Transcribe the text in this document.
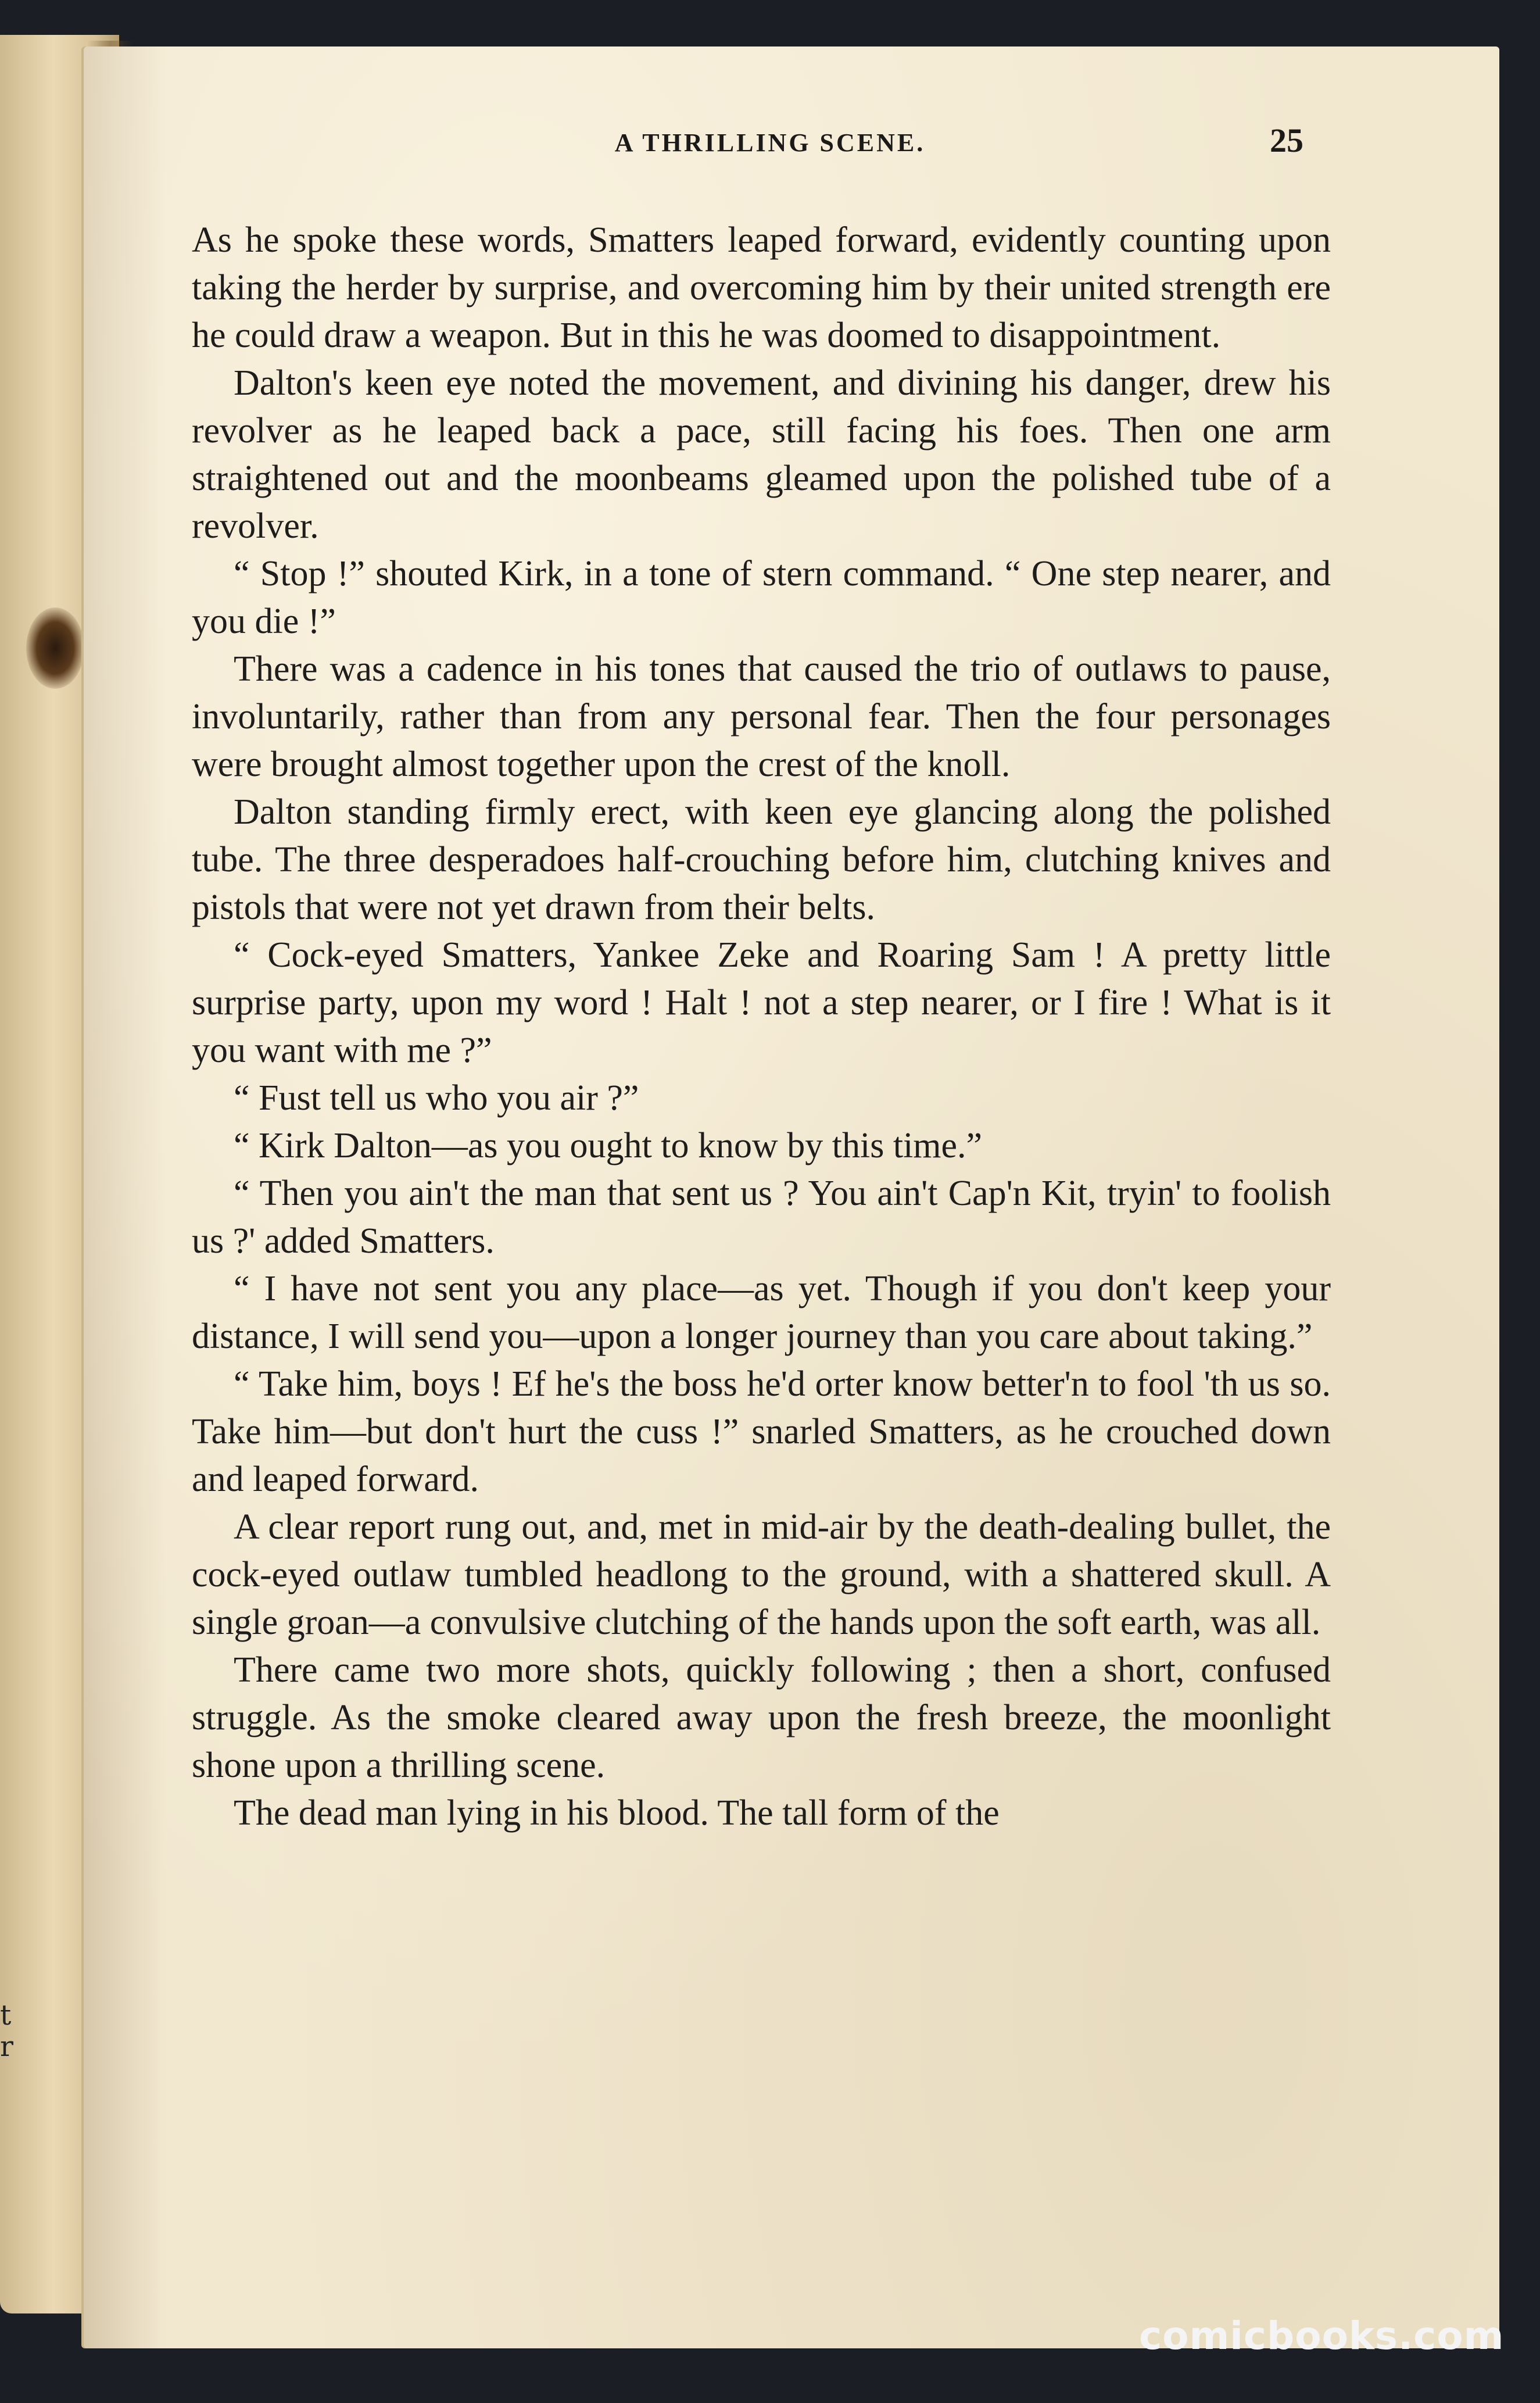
t
r
A THRILLING SCENE.	25

As he spoke these words, Smatters leaped forward, evidently counting upon taking the herder by surprise, and overcoming him by their united strength ere he could draw a weapon. But in this he was doomed to disappointment.

Dalton's keen eye noted the movement, and divining his danger, drew his revolver as he leaped back a pace, still facing his foes. Then one arm straightened out and the moonbeams gleamed upon the polished tube of a revolver.

“ Stop !” shouted Kirk, in a tone of stern command. “ One step nearer, and you die !”

There was a cadence in his tones that caused the trio of outlaws to pause, involuntarily, rather than from any personal fear. Then the four personages were brought almost together upon the crest of the knoll.

Dalton standing firmly erect, with keen eye glancing along the polished tube. The three desperadoes half-crouching before him, clutching knives and pistols that were not yet drawn from their belts.

“ Cock-eyed Smatters, Yankee Zeke and Roaring Sam ! A pretty little surprise party, upon my word ! Halt ! not a step nearer, or I fire ! What is it you want with me ?”

“ Fust tell us who you air ?”

“ Kirk Dalton—as you ought to know by this time.”

“ Then you ain't the man that sent us ? You ain't Cap'n Kit, tryin' to foolish us ?' added Smatters.

“ I have not sent you any place—as yet. Though if you don't keep your distance, I will send you—upon a longer journey than you care about taking.”

“ Take him, boys ! Ef he's the boss he'd orter know better'n to fool 'th us so. Take him—but don't hurt the cuss !” snarled Smatters, as he crouched down and leaped forward.

A clear report rung out, and, met in mid-air by the death-dealing bullet, the cock-eyed outlaw tumbled headlong to the ground, with a shattered skull. A single groan—a convulsive clutching of the hands upon the soft earth, was all.

There came two more shots, quickly following ; then a short, confused struggle. As the smoke cleared away upon the fresh breeze, the moonlight shone upon a thrilling scene.

The dead man lying in his blood. The tall form of the

comicbooks.com
